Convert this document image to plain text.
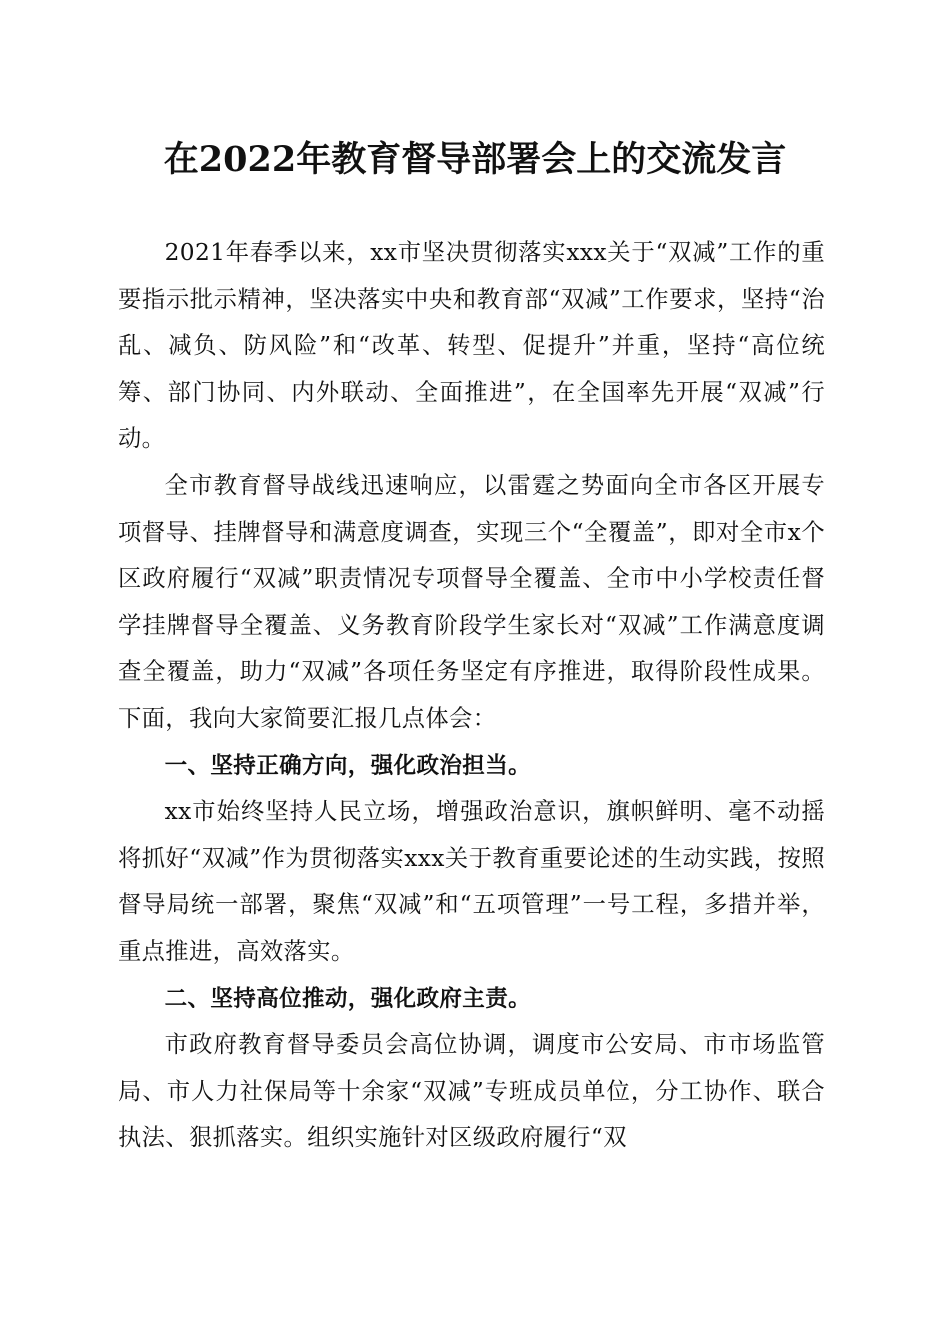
在2022年教育督导部署会上的交流发言

2021年春季以来，xx市坚决贯彻落实xxx关于“双减”工作的重要指示批示精神，坚决落实中央和教育部“双减”工作要求，坚持“治乱、减负、防风险”和“改革、转型、促提升”并重，坚持“高位统筹、部门协同、内外联动、全面推进”，在全国率先开展“双减”行动。

全市教育督导战线迅速响应，以雷霆之势面向全市各区开展专项督导、挂牌督导和满意度调查，实现三个“全覆盖”，即对全市x个区政府履行“双减”职责情况专项督导全覆盖、全市中小学校责任督学挂牌督导全覆盖、义务教育阶段学生家长对“双减”工作满意度调查全覆盖，助力“双减”各项任务坚定有序推进，取得阶段性成果。下面，我向大家简要汇报几点体会：

一、坚持正确方向，强化政治担当。

xx市始终坚持人民立场，增强政治意识，旗帜鲜明、毫不动摇将抓好“双减”作为贯彻落实xxx关于教育重要论述的生动实践，按照督导局统一部署，聚焦“双减”和“五项管理”一号工程，多措并举，重点推进，高效落实。

二、坚持高位推动，强化政府主责。

市政府教育督导委员会高位协调，调度市公安局、市市场监管局、市人力社保局等十余家“双减”专班成员单位，分工协作、联合执法、狠抓落实。组织实施针对区级政府履行“双
